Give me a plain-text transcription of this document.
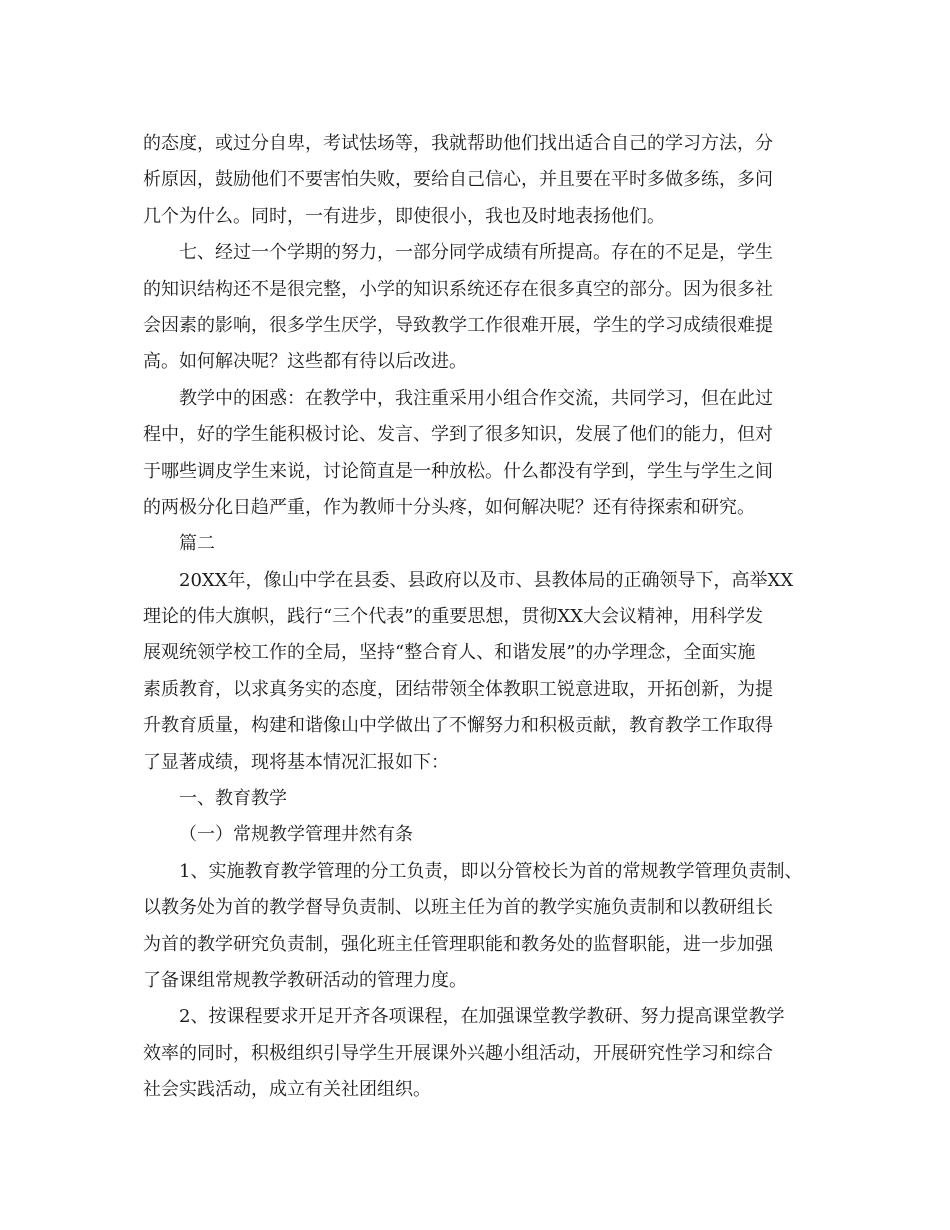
的态度，或过分自卑，考试怯场等，我就帮助他们找出适合自己的学习方法，分
析原因，鼓励他们不要害怕失败，要给自己信心，并且要在平时多做多练，多问
几个为什么。同时，一有进步，即使很小，我也及时地表扬他们。
七、经过一个学期的努力，一部分同学成绩有所提高。存在的不足是，学生
的知识结构还不是很完整，小学的知识系统还存在很多真空的部分。因为很多社
会因素的影响，很多学生厌学，导致教学工作很难开展，学生的学习成绩很难提
高。如何解决呢？这些都有待以后改进。
教学中的困惑：在教学中，我注重采用小组合作交流，共同学习，但在此过
程中，好的学生能积极讨论、发言、学到了很多知识，发展了他们的能力，但对
于哪些调皮学生来说，讨论简直是一种放松。什么都没有学到，学生与学生之间
的两极分化日趋严重，作为教师十分头疼，如何解决呢？还有待探索和研究。
篇二
20XX年，像山中学在县委、县政府以及市、县教体局的正确领导下，高举XX
理论的伟大旗帜，践行“三个代表”的重要思想，贯彻XX大会议精神，用科学发
展观统领学校工作的全局，坚持“整合育人、和谐发展”的办学理念，全面实施
素质教育，以求真务实的态度，团结带领全体教职工锐意进取，开拓创新，为提
升教育质量，构建和谐像山中学做出了不懈努力和积极贡献，教育教学工作取得
了显著成绩，现将基本情况汇报如下：
一、教育教学
（一）常规教学管理井然有条
1、实施教育教学管理的分工负责，即以分管校长为首的常规教学管理负责制、
以教务处为首的教学督导负责制、以班主任为首的教学实施负责制和以教研组长
为首的教学研究负责制，强化班主任管理职能和教务处的监督职能，进一步加强
了备课组常规教学教研活动的管理力度。
2、按课程要求开足开齐各项课程，在加强课堂教学教研、努力提高课堂教学
效率的同时，积极组织引导学生开展课外兴趣小组活动，开展研究性学习和综合
社会实践活动，成立有关社团组织。
